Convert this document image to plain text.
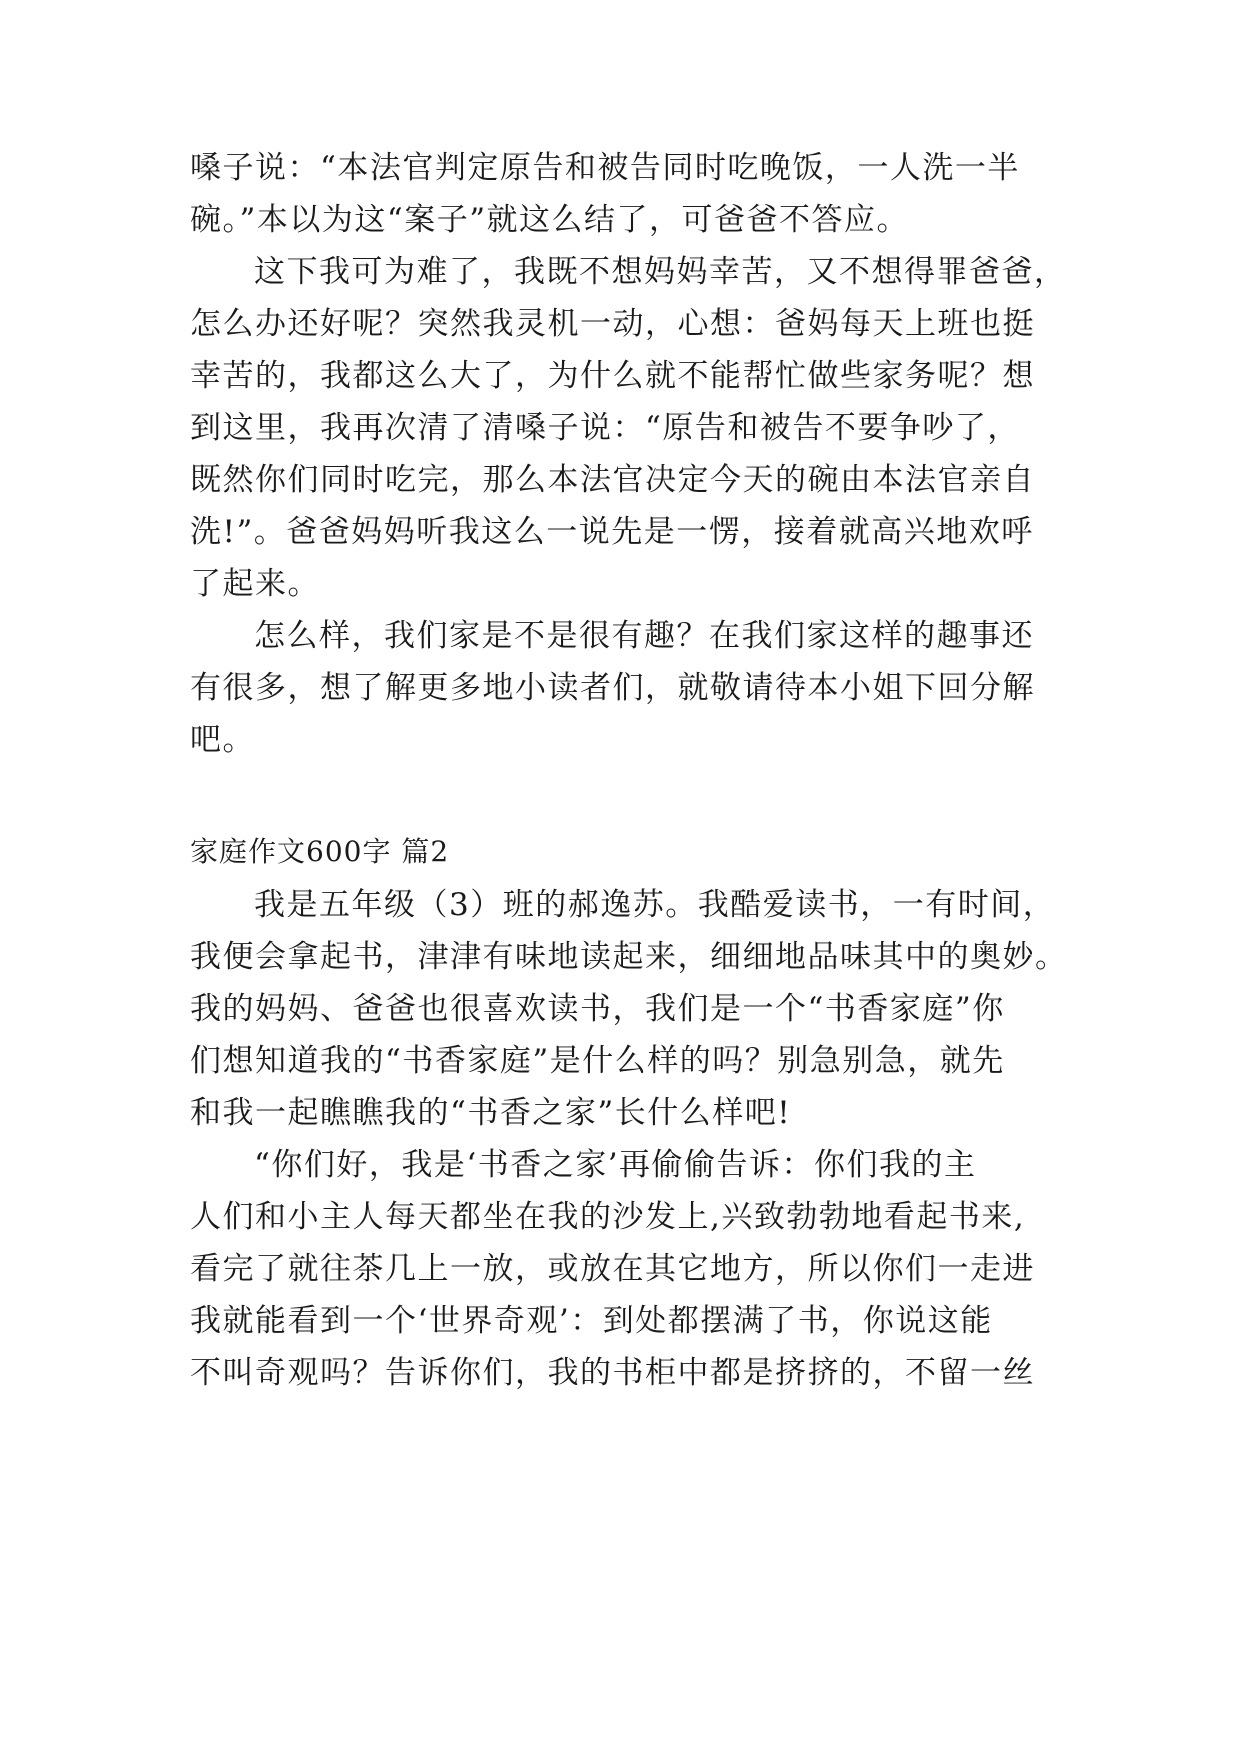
嗓子说：“本法官判定原告和被告同时吃晚饭，一人洗一半
碗。”本以为这“案子”就这么结了，可爸爸不答应。
这下我可为难了，我既不想妈妈幸苦，又不想得罪爸爸，
怎么办还好呢？突然我灵机一动，心想：爸妈每天上班也挺
幸苦的，我都这么大了，为什么就不能帮忙做些家务呢？想
到这里，我再次清了清嗓子说：“原告和被告不要争吵了，
既然你们同时吃完，那么本法官决定今天的碗由本法官亲自
洗!”。爸爸妈妈听我这么一说先是一愣，接着就高兴地欢呼
了起来。
怎么样，我们家是不是很有趣？在我们家这样的趣事还
有很多，想了解更多地小读者们，就敬请待本小姐下回分解
吧。
家庭作文600字 篇2
我是五年级（3）班的郝逸苏。我酷爱读书，一有时间，
我便会拿起书，津津有味地读起来，细细地品味其中的奥妙。
我的妈妈、爸爸也很喜欢读书，我们是一个“书香家庭”你
们想知道我的“书香家庭”是什么样的吗？别急别急，就先
和我一起瞧瞧我的“书香之家”长什么样吧!
“你们好，我是‘书香之家’再偷偷告诉：你们我的主
人们和小主人每天都坐在我的沙发上,兴致勃勃地看起书来,
看完了就往茶几上一放，或放在其它地方，所以你们一走进
我就能看到一个‘世界奇观’：到处都摆满了书，你说这能
不叫奇观吗？告诉你们，我的书柜中都是挤挤的，不留一丝
